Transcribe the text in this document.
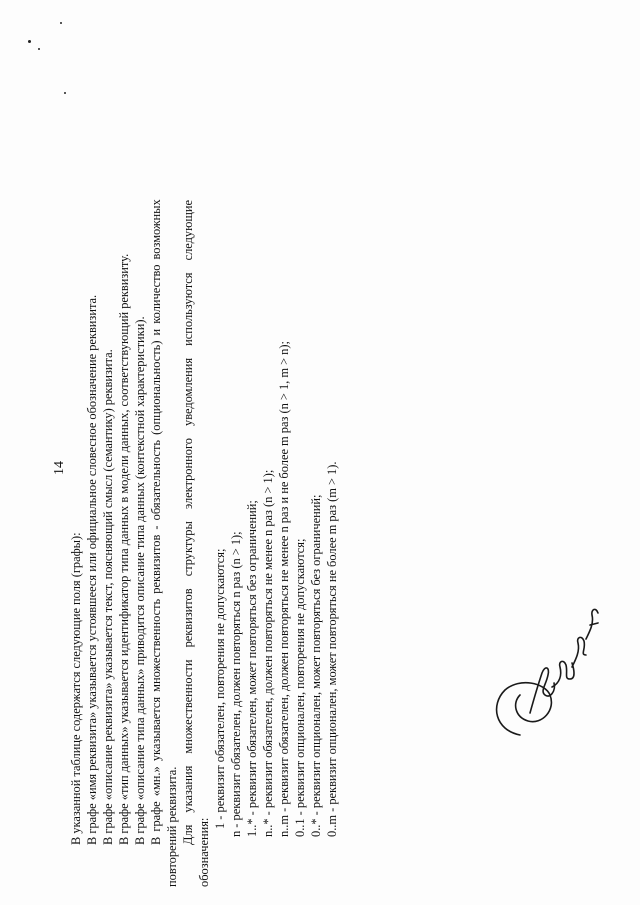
14
В указанной таблице содержатся следующие поля (графы): В графе «имя реквизита» указывается устоявшееся или официальное словесное обозначение реквизита. В графе «описание реквизита» указывается текст, поясняющий смысл (семантику) реквизита. В графе «тип данных» указывается идентификатор типа данных в модели данных, соответствующий реквизиту. В графе «описание типа данных» приводится описание типа данных (контекстной характеристики). В графе «мн.» указывается множественность реквизитов - обязательность (опциональность) и количество возможных повторений реквизита. Для указания множественности реквизитов структуры электронного уведомления используются следующие
обозначения:
1 - реквизит обязателен, повторения не допускаются; n - реквизит обязателен, должен повторяться n раз (n > 1); 1..* - реквизит обязателен, может повторяться без ограничений; n..* - реквизит обязателен, должен повторяться не менее n раз (n > 1); n..m - реквизит обязателен, должен повторяться не менее n раз и не более m раз (n > 1, m > n); 0..1 - реквизит опционален, повторения не допускаются; 0..* - реквизит опционален, может повторяться без ограничений; 0..m - реквизит опционален, может повторяться не более m раз (m > 1).
